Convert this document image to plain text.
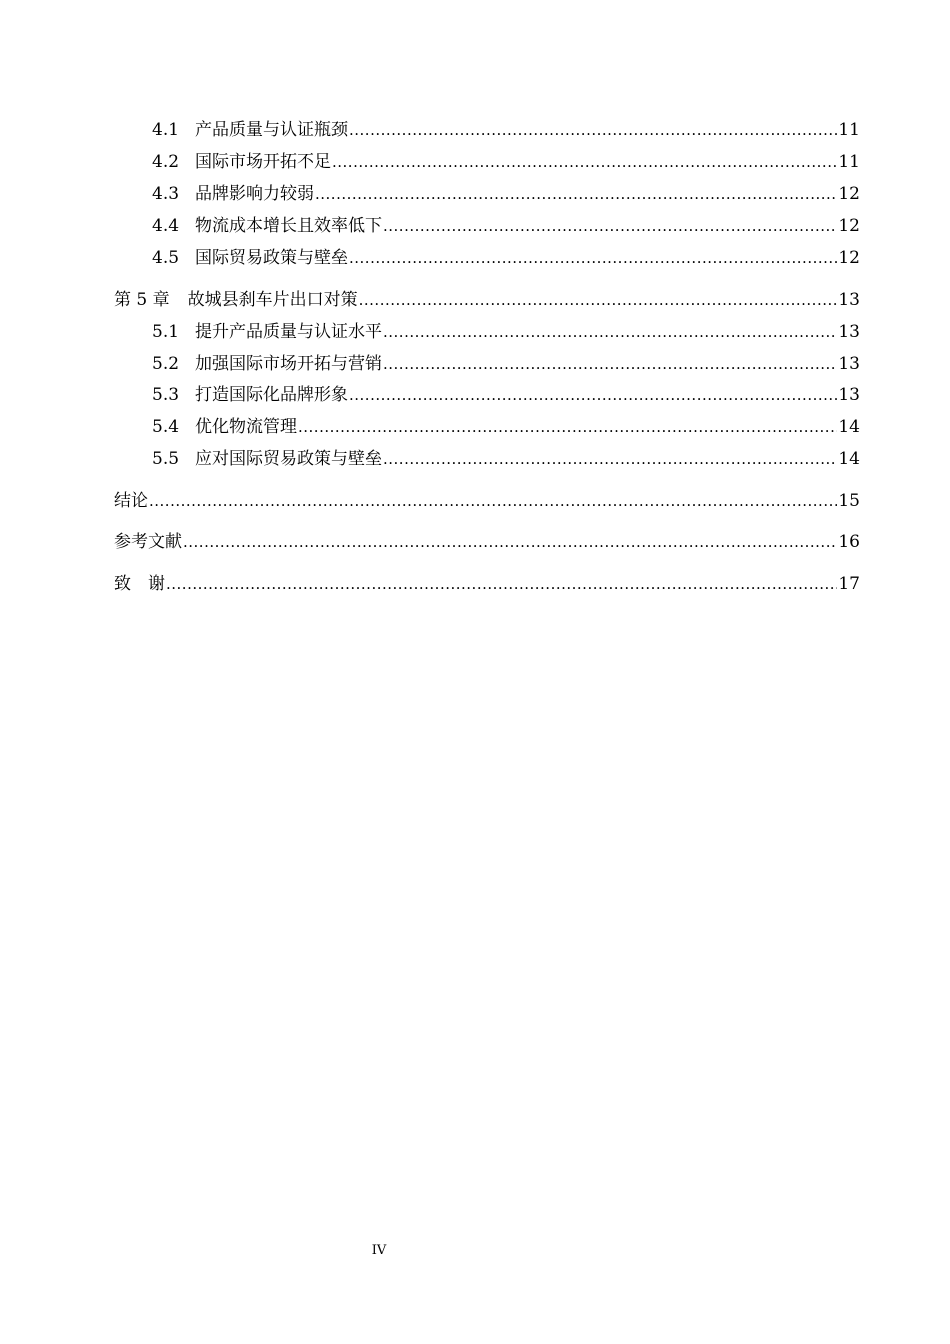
4.1 产品质量与认证瓶颈 .....	11
4.2 国际市场开拓不足 .....	11
4.3 品牌影响力较弱 .....	12
4.4 物流成本增长且效率低下 .....	12
4.5 国际贸易政策与壁垒 .....	12
第 5 章 故城县刹车片出口对策 .....	13
5.1 提升产品质量与认证水平 .....	13
5.2 加强国际市场开拓与营销 .....	13
5.3 打造国际化品牌形象 .....	13
5.4 优化物流管理 .....	14
5.5 应对国际贸易政策与壁垒 .....	14
结论 .....	15
参考文献 .....	16
致　谢 .....	17
IV
